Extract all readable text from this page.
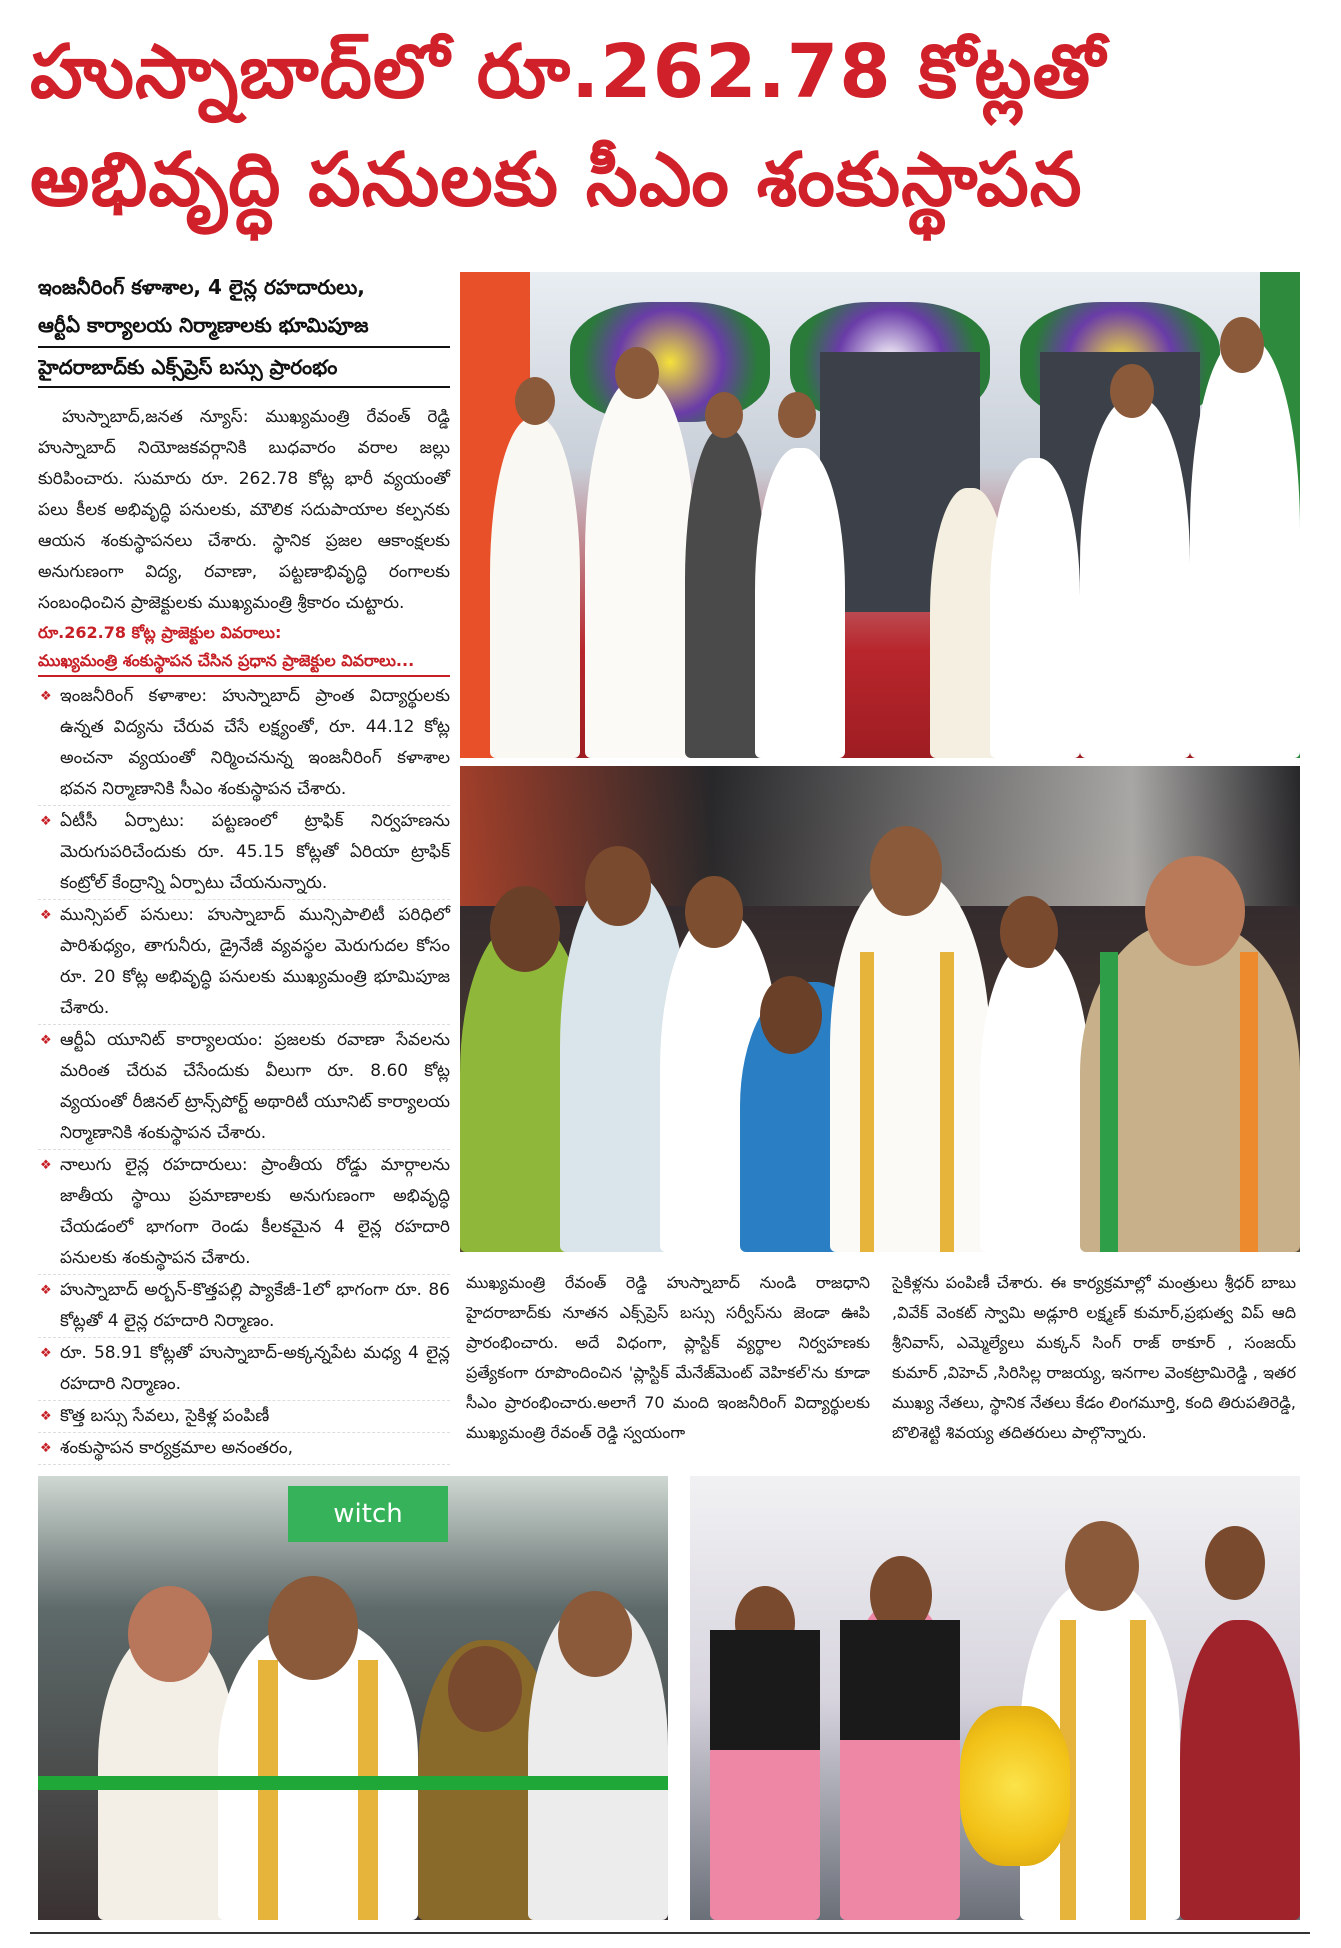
హుస్నాబాద్‌లో రూ.262.78 కోట్లతో
అభివృద్ధి పనులకు సీఎం శంకుస్థాపన
ఇంజనీరింగ్ కళాశాల, 4 లైన్ల రహదారులు,
ఆర్టీఏ కార్యాలయ నిర్మాణాలకు భూమిపూజ
హైదరాబాద్‌కు ఎక్స్‌ప్రెస్ బస్సు ప్రారంభం
హుస్నాబాద్,జనత న్యూస్: ముఖ్యమంత్రి రేవంత్ రెడ్డి హుస్నాబాద్ నియోజకవర్గానికి బుధవారం వరాల జల్లు కురిపించారు. సుమారు రూ. 262.78 కోట్ల భారీ వ్యయంతో పలు కీలక అభివృద్ధి పనులకు, మౌలిక సదుపాయాల కల్పనకు ఆయన శంకుస్థాపనలు చేశారు. స్థానిక ప్రజల ఆకాంక్షలకు అనుగుణంగా విద్య, రవాణా, పట్టణాభివృద్ధి రంగాలకు సంబంధించిన ప్రాజెక్టులకు ముఖ్యమంత్రి శ్రీకారం చుట్టారు.
రూ.262.78 కోట్ల ప్రాజెక్టుల వివరాలు:
ముఖ్యమంత్రి శంకుస్థాపన చేసిన ప్రధాన ప్రాజెక్టుల వివరాలు...
❖ ఇంజనీరింగ్ కళాశాల: హుస్నాబాద్ ప్రాంత విద్యార్థులకు ఉన్నత విద్యను చేరువ చేసే లక్ష్యంతో, రూ. 44.12 కోట్ల అంచనా వ్యయంతో నిర్మించనున్న ఇంజనీరింగ్ కళాశాల భవన నిర్మాణానికి సీఎం శంకుస్థాపన చేశారు.
❖ ఏటీసీ ఏర్పాటు: పట్టణంలో ట్రాఫిక్ నిర్వహణను మెరుగుపరిచేందుకు రూ. 45.15 కోట్లతో ఏరియా ట్రాఫిక్ కంట్రోల్ కేంద్రాన్ని ఏర్పాటు చేయనున్నారు.
❖ మున్సిపల్ పనులు: హుస్నాబాద్ మున్సిపాలిటీ పరిధిలో పారిశుధ్యం, తాగునీరు, డ్రైనేజీ వ్యవస్థల మెరుగుదల కోసం రూ. 20 కోట్ల అభివృద్ధి పనులకు ముఖ్యమంత్రి భూమిపూజ చేశారు.
❖ ఆర్టీఏ యూనిట్ కార్యాలయం: ప్రజలకు రవాణా సేవలను మరింత చేరువ చేసేందుకు వీలుగా రూ. 8.60 కోట్ల వ్యయంతో రీజినల్ ట్రాన్స్‌పోర్ట్ అథారిటీ యూనిట్ కార్యాలయ నిర్మాణానికి శంకుస్థాపన చేశారు.
❖ నాలుగు లైన్ల రహదారులు: ప్రాంతీయ రోడ్డు మార్గాలను జాతీయ స్థాయి ప్రమాణాలకు అనుగుణంగా అభివృద్ధి చేయడంలో భాగంగా రెండు కీలకమైన 4 లైన్ల రహదారి పనులకు శంకుస్థాపన చేశారు.
❖ హుస్నాబాద్ అర్బన్-కొత్తపల్లి ప్యాకేజీ-1లో భాగంగా రూ. 86 కోట్లతో 4 లైన్ల రహదారి నిర్మాణం.
❖ రూ. 58.91 కోట్లతో హుస్నాబాద్-అక్కన్నపేట మధ్య 4 లైన్ల రహదారి నిర్మాణం.
❖ కొత్త బస్సు సేవలు, సైకిళ్ల పంపిణీ
❖ శంకుస్థాపన కార్యక్రమాల అనంతరం,
ముఖ్యమంత్రి రేవంత్ రెడ్డి హుస్నాబాద్ నుండి రాజధాని హైదరాబాద్‌కు నూతన ఎక్స్‌ప్రెస్ బస్సు సర్వీస్‌ను జెండా ఊపి ప్రారంభించారు. అదే విధంగా, ప్లాస్టిక్ వ్యర్థాల నిర్వహణకు ప్రత్యేకంగా రూపొందించిన 'ప్లాస్టిక్ మేనేజ్‌మెంట్ వెహికల్'ను కూడా సీఎం ప్రారంభించారు.అలాగే 70 మంది ఇంజనీరింగ్ విద్యార్థులకు ముఖ్యమంత్రి రేవంత్ రెడ్డి స్వయంగా
సైకిళ్లను పంపిణీ చేశారు. ఈ కార్యక్రమాల్లో మంత్రులు శ్రీధర్ బాబు ,వివేక్ వెంకట్ స్వామి అడ్లూరి లక్ష్మణ్ కుమార్,ప్రభుత్వ విప్ ఆది శ్రీనివాస్, ఎమ్మెల్యేలు మక్కన్ సింగ్ రాజ్ ఠాకూర్ , సంజయ్ కుమార్ ,విహెచ్ ,సిరిసిల్ల రాజయ్య, ఇనగాల వెంకట్రామిరెడ్డి , ఇతర ముఖ్య నేతలు, స్థానిక నేతలు కేడం లింగమూర్తి, కంది తిరుపతిరెడ్డి, బొలిశెట్టి శివయ్య తదితరులు పాల్గొన్నారు.
witch
